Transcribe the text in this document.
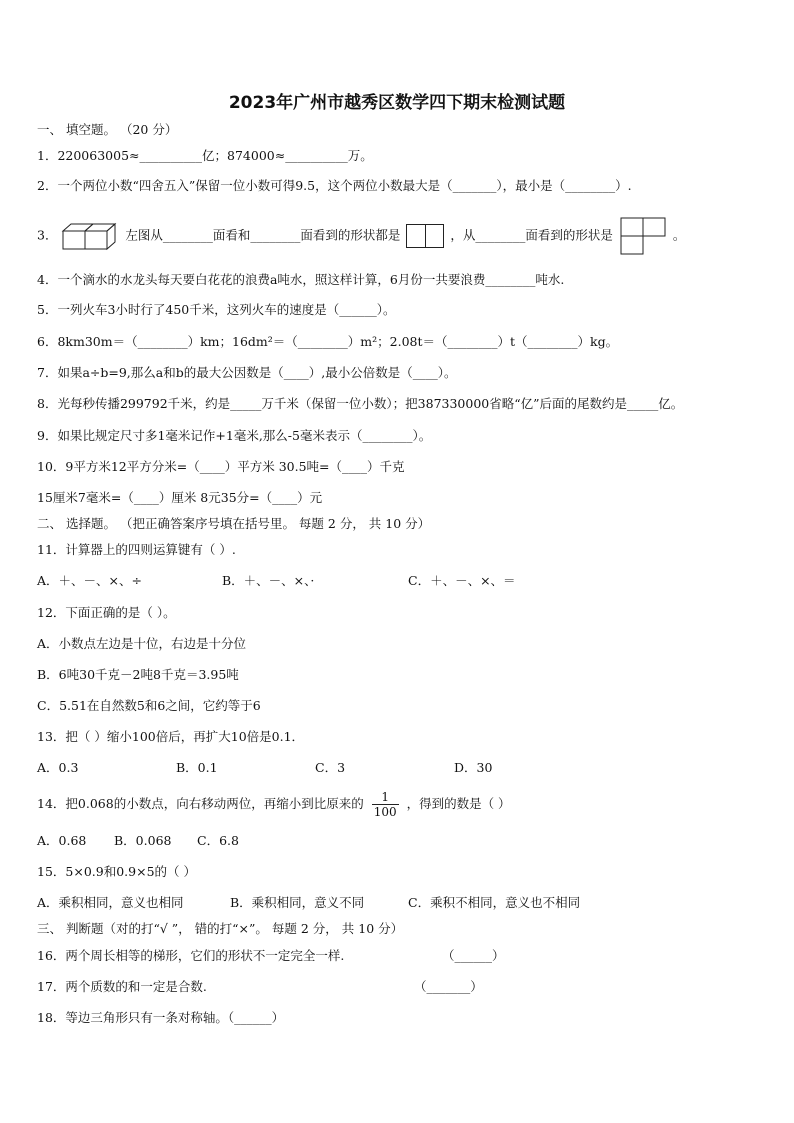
2023年广州市越秀区数学四下期末检测试题
一、 填空题。 （20 分）
1．220063005≈__________亿；874000≈__________万。
2．一个两位小数“四舍五入”保留一位小数可得9.5，这个两位小数最大是（_______），最小是（________）.
3．	左图从________面看和________面看到的形状都是	，从________面看到的形状是	。
4．一个滴水的水龙头每天要白花花的浪费a吨水，照这样计算，6月份一共要浪费________吨水.
5．一列火车3小时行了450千米，这列火车的速度是（______）。
6．8km30m＝（________）km；16dm²＝（________）m²；2.08t＝（________）t（________）kg。
7．如果a÷b=9,那么a和b的最大公因数是（____）,最小公倍数是（____）。
8．光每秒传播299792千米，约是_____万千米（保留一位小数）；把387330000省略“亿”后面的尾数约是_____亿。
9．如果比规定尺寸多1毫米记作+1毫米,那么-5毫米表示（________）。
10．9平方米12平方分米=（____）平方米 30.5吨=（____）千克
15厘米7毫米=（____）厘米 8元35分=（____）元
二、 选择题。 （把正确答案序号填在括号里。 每题 2 分， 共 10 分）
11．计算器上的四则运算键有（ ）.
A．＋、－、×、÷	B．＋、－、×、·	C．＋、－、×、＝
12．下面正确的是（ ）。
A．小数点左边是十位，右边是十分位
B．6吨30千克－2吨8千克＝3.95吨
C．5.51在自然数5和6之间，它约等于6
13．把（ ）缩小100倍后，再扩大10倍是0.1．
A．0.3	B．0.1	C．3	D．30
14．把0.068的小数点，向右移动两位，再缩小到比原来的 $\frac{1}{100}$ ，得到的数是（ ）
A．0.68 B．0.068 C．6.8
15．5×0.9和0.9×5的（ ）
A．乘积相同，意义也相同	B．乘积相同，意义不同	C．乘积不相同，意义也不相同
三、 判断题（对的打“√ ”， 错的打“×”。 每题 2 分， 共 10 分）
16．两个周长相等的梯形，它们的形状不一定完全一样.	（______）
17．两个质数的和一定是合数.	（_______）
18．等边三角形只有一条对称轴。（______）
